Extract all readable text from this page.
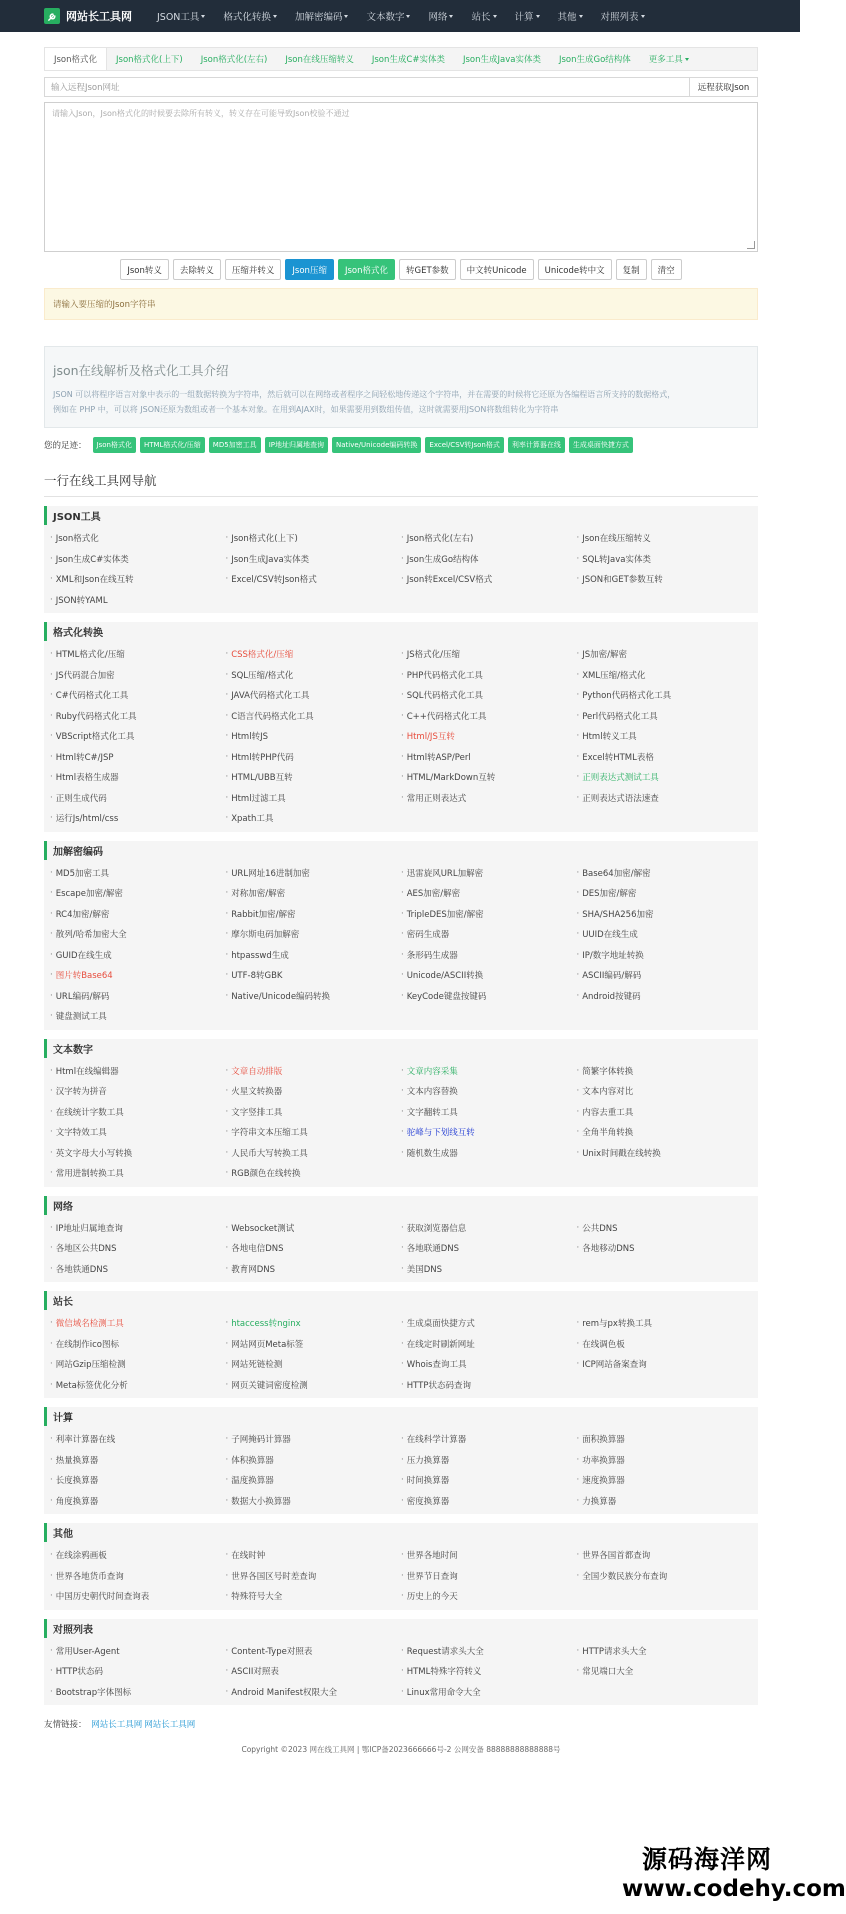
网站长工具网	JSON工具	格式化转换	加解密编码	文本数字	网络	站长	计算	其他	对照列表
Json格式化 Json格式化(上下) Json格式化(左右) Json在线压缩转义 Json生成C#实体类 Json生成Java实体类 Json生成Go结构体 更多工具
输入远程Json网址	远程获取Json
请输入Json，Json格式化的时候要去除所有转义，转义存在可能导致Json校验不通过
Json转义	去除转义	压缩并转义	Json压缩	Json格式化	转GET参数	中文转Unicode	Unicode转中文	复制	清空
请输入要压缩的Json字符串
json在线解析及格式化工具介绍
JSON 可以将程序语言对象中表示的一组数据转换为字符串，然后就可以在网络或者程序之间轻松地传递这个字符串，并在需要的时候将它还原为各编程语言所支持的数据格式，
例如在 PHP 中，可以将 JSON还原为数组或者一个基本对象。在用到AJAX时，如果需要用到数组传值，这时就需要用JSON将数组转化为字符串
您的足迹：	Json格式化	HTML格式化/压缩	MD5加密工具	IP地址归属地查询	Native/Unicode编码转换	Excel/CSV转Json格式	利率计算器在线	生成桌面快捷方式
一行在线工具网导航
JSON工具
· Json格式化	· Json格式化(上下)	· Json格式化(左右)	· Json在线压缩转义
· Json生成C#实体类	· Json生成Java实体类	· Json生成Go结构体	· SQL转Java实体类
· XML和Json在线互转	· Excel/CSV转Json格式	· Json转Excel/CSV格式	· JSON和GET参数互转
· JSON转YAML
格式化转换
· HTML格式化/压缩	· CSS格式化/压缩	· JS格式化/压缩	· JS加密/解密
· JS代码混合加密	· SQL压缩/格式化	· PHP代码格式化工具	· XML压缩/格式化
· C#代码格式化工具	· JAVA代码格式化工具	· SQL代码格式化工具	· Python代码格式化工具
· Ruby代码格式化工具	· C语言代码格式化工具	· C++代码格式化工具	· Perl代码格式化工具
· VBScript格式化工具	· Html转JS	· Html/JS互转	· Html转义工具
· Html转C#/JSP	· Html转PHP代码	· Html转ASP/Perl	· Excel转HTML表格
· Html表格生成器	· HTML/UBB互转	· HTML/MarkDown互转	· 正则表达式测试工具
· 正则生成代码	· Html过滤工具	· 常用正则表达式	· 正则表达式语法速查
· 运行Js/html/css	· Xpath工具
加解密编码
· MD5加密工具	· URL网址16进制加密	· 迅雷旋风URL加解密	· Base64加密/解密
· Escape加密/解密	· 对称加密/解密	· AES加密/解密	· DES加密/解密
· RC4加密/解密	· Rabbit加密/解密	· TripleDES加密/解密	· SHA/SHA256加密
· 散列/哈希加密大全	· 摩尔斯电码加解密	· 密码生成器	· UUID在线生成
· GUID在线生成	· htpasswd生成	· 条形码生成器	· IP/数字地址转换
· 图片转Base64	· UTF-8转GBK	· Unicode/ASCII转换	· ASCII编码/解码
· URL编码/解码	· Native/Unicode编码转换	· KeyCode键盘按键码	· Android按键码
· 键盘测试工具
文本数字
· Html在线编辑器	· 文章自动排版	· 文章内容采集	· 简繁字体转换
· 汉字转为拼音	· 火星文转换器	· 文本内容替换	· 文本内容对比
· 在线统计字数工具	· 文字竖排工具	· 文字翻转工具	· 内容去重工具
· 文字特效工具	· 字符串文本压缩工具	· 驼峰与下划线互转	· 全角半角转换
· 英文字母大小写转换	· 人民币大写转换工具	· 随机数生成器	· Unix时间戳在线转换
· 常用进制转换工具	· RGB颜色在线转换
网络
· IP地址归属地查询	· Websocket测试	· 获取浏览器信息	· 公共DNS
· 各地区公共DNS	· 各地电信DNS	· 各地联通DNS	· 各地移动DNS
· 各地铁通DNS	· 教育网DNS	· 美国DNS
站长
· 微信域名检测工具	· htaccess转nginx	· 生成桌面快捷方式	· rem与px转换工具
· 在线制作ico图标	· 网站网页Meta标签	· 在线定时刷新网址	· 在线调色板
· 网站Gzip压缩检测	· 网站死链检测	· Whois查询工具	· ICP网站备案查询
· Meta标签优化分析	· 网页关键词密度检测	· HTTP状态码查询
计算
· 利率计算器在线	· 子网掩码计算器	· 在线科学计算器	· 面积换算器
· 热量换算器	· 体积换算器	· 压力换算器	· 功率换算器
· 长度换算器	· 温度换算器	· 时间换算器	· 速度换算器
· 角度换算器	· 数据大小换算器	· 密度换算器	· 力换算器
其他
· 在线涂鸦画板	· 在线时钟	· 世界各地时间	· 世界各国首都查询
· 世界各地货币查询	· 世界各国区号时差查询	· 世界节日查询	· 全国少数民族分布查询
· 中国历史朝代时间查询表	· 特殊符号大全	· 历史上的今天
对照列表
· 常用User-Agent	· Content-Type对照表	· Request请求头大全	· HTTP请求头大全
· HTTP状态码	· ASCII对照表	· HTML特殊字符转义	· 常见端口大全
· Bootstrap字体图标	· Android Manifest权限大全	· Linux常用命令大全
友情链接： 网站长工具网 网站长工具网
Copyright ©2023 网在线工具网 | 鄂ICP备2023666666号-2 公网安备 88888888888888号
源码海洋网
www.codehy.com
